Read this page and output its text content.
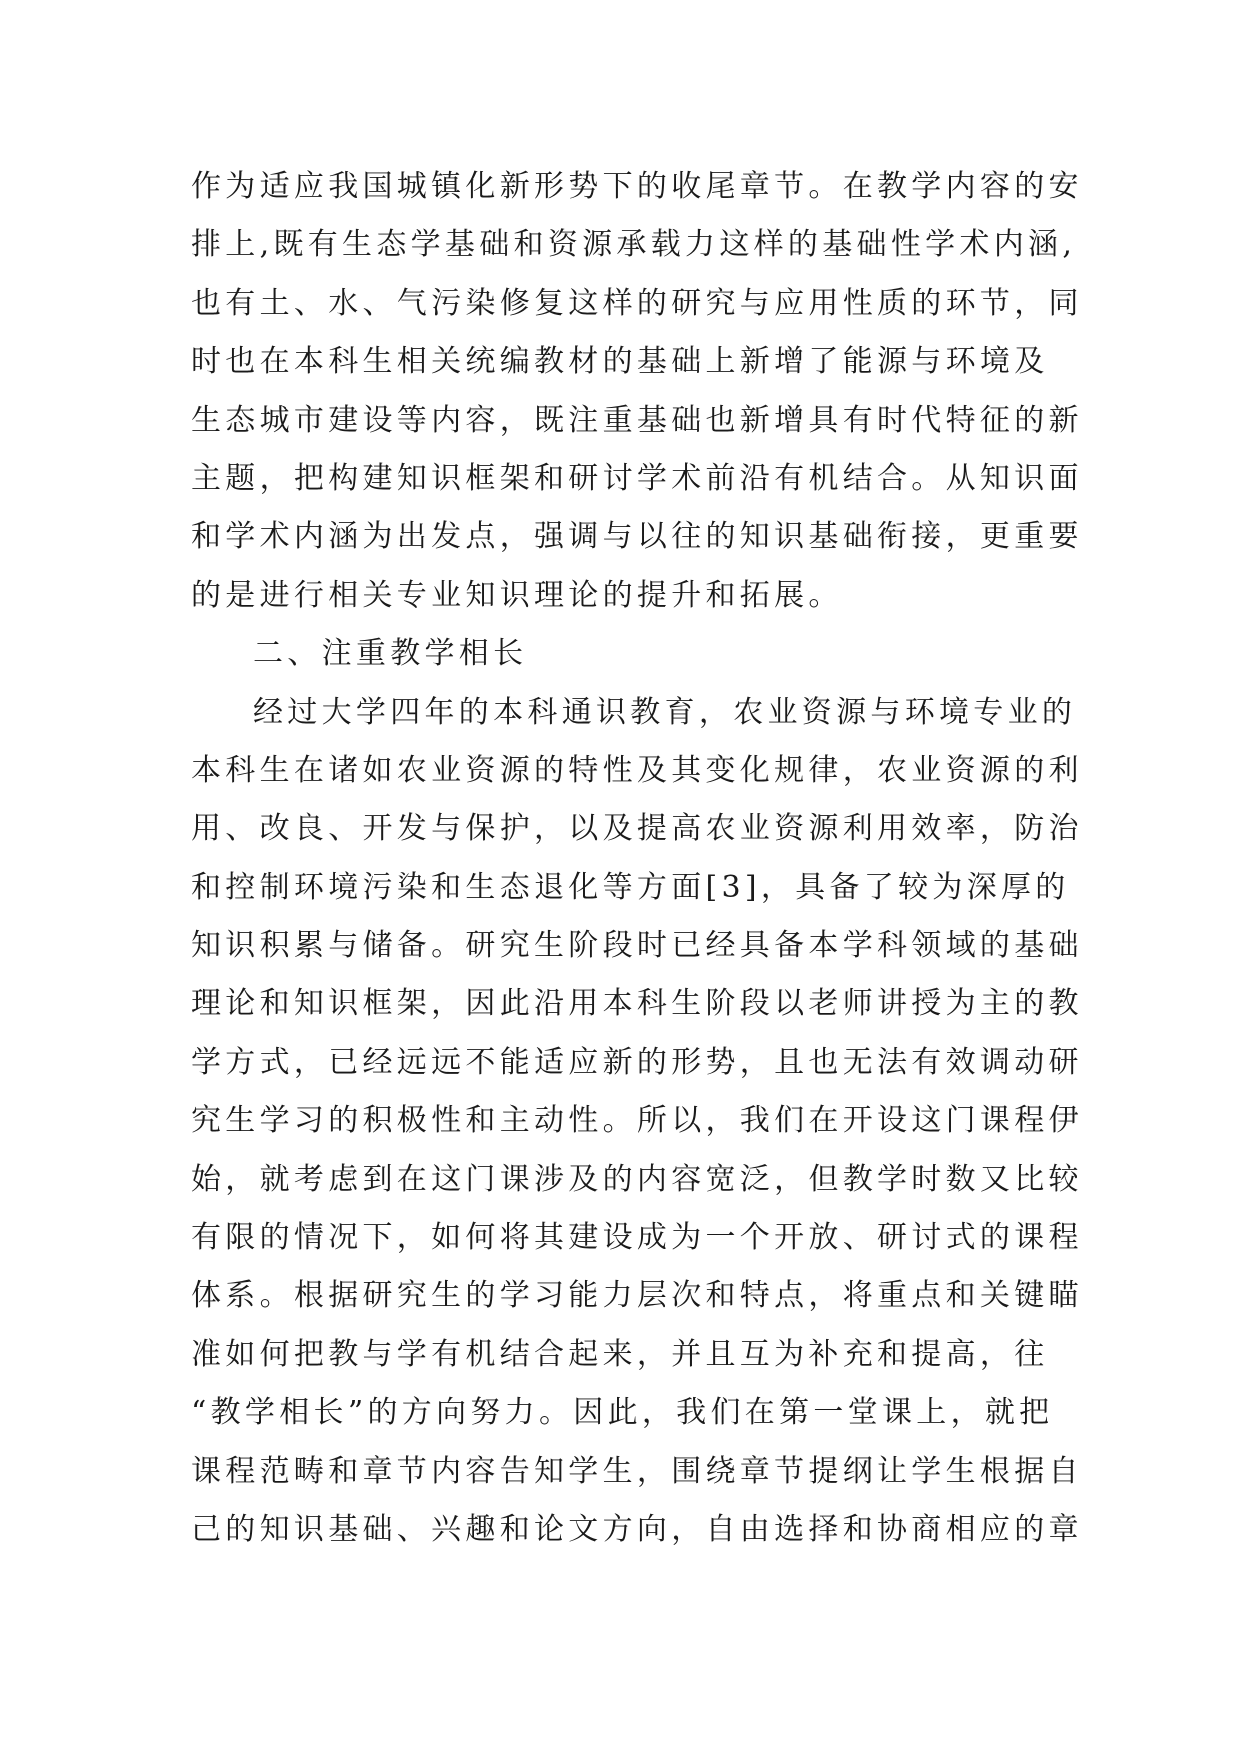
作为适应我国城镇化新形势下的收尾章节。在教学内容的安
排上,既有生态学基础和资源承载力这样的基础性学术内涵,
也有土、水、气污染修复这样的研究与应用性质的环节，同
时也在本科生相关统编教材的基础上新增了能源与环境及
生态城市建设等内容，既注重基础也新增具有时代特征的新
主题，把构建知识框架和研讨学术前沿有机结合。从知识面
和学术内涵为出发点，强调与以往的知识基础衔接，更重要
的是进行相关专业知识理论的提升和拓展。
二、注重教学相长
经过大学四年的本科通识教育，农业资源与环境专业的
本科生在诸如农业资源的特性及其变化规律，农业资源的利
用、改良、开发与保护，以及提高农业资源利用效率，防治
和控制环境污染和生态退化等方面[3]，具备了较为深厚的
知识积累与储备。研究生阶段时已经具备本学科领域的基础
理论和知识框架，因此沿用本科生阶段以老师讲授为主的教
学方式，已经远远不能适应新的形势，且也无法有效调动研
究生学习的积极性和主动性。所以，我们在开设这门课程伊
始，就考虑到在这门课涉及的内容宽泛，但教学时数又比较
有限的情况下，如何将其建设成为一个开放、研讨式的课程
体系。根据研究生的学习能力层次和特点，将重点和关键瞄
准如何把教与学有机结合起来，并且互为补充和提高，往
“教学相长”的方向努力。因此，我们在第一堂课上，就把
课程范畴和章节内容告知学生，围绕章节提纲让学生根据自
己的知识基础、兴趣和论文方向，自由选择和协商相应的章
